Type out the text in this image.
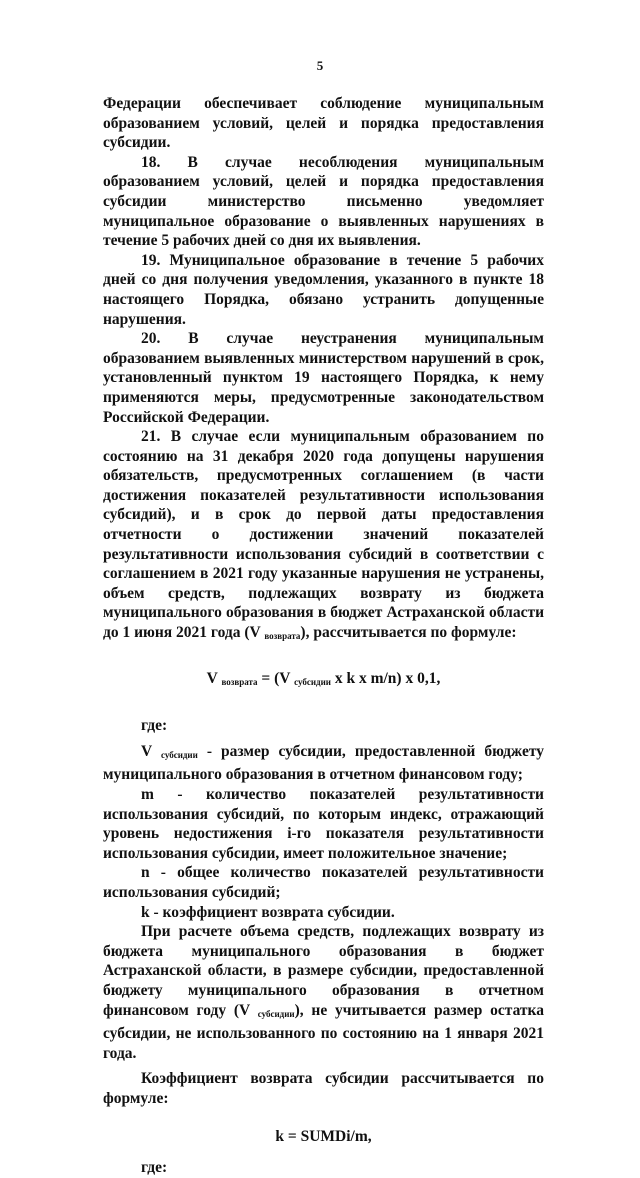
5

Федерации обеспечивает соблюдение муниципальным образованием условий, целей и порядка предоставления субсидии.

18. В случае несоблюдения муниципальным образованием условий, целей и порядка предоставления субсидии министерство письменно уведомляет муниципальное образование о выявленных нарушениях в течение 5 рабочих дней со дня их выявления.

19. Муниципальное образование в течение 5 рабочих дней со дня получения уведомления, указанного в пункте 18 настоящего Порядка, обязано устранить допущенные нарушения.

20. В случае неустранения муниципальным образованием выявленных министерством нарушений в срок, установленный пунктом 19 настоящего Порядка, к нему применяются меры, предусмотренные законодательством Российской Федерации.

21. В случае если муниципальным образованием по состоянию на 31 декабря 2020 года допущены нарушения обязательств, предусмотренных соглашением (в части достижения показателей результативности использования субсидий), и в срок до первой даты предоставления отчетности о достижении значений показателей результативности использования субсидий в соответствии с соглашением в 2021 году указанные нарушения не устранены, объем средств, подлежащих возврату из бюджета муниципального образования в бюджет Астраханской области до 1 июня 2021 года (V $_{возврата}$), рассчитывается по формуле:

V $_{возврата}$ = (V $_{субсидии}$ x k x m/n) x 0,1,

где:

V $_{субсидии}$ - размер субсидии, предоставленной бюджету муниципального образования в отчетном финансовом году;

m - количество показателей результативности использования субсидий, по которым индекс, отражающий уровень недостижения i-го показателя результативности использования субсидии, имеет положительное значение;

n - общее количество показателей результативности использования субсидий;

k - коэффициент возврата субсидии.

При расчете объема средств, подлежащих возврату из бюджета муниципального образования в бюджет Астраханской области, в размере субсидии, предоставленной бюджету муниципального образования в отчетном финансовом году (V $_{субсидии}$), не учитывается размер остатка субсидии, не использованного по состоянию на 1 января 2021 года.

Коэффициент возврата субсидии рассчитывается по формуле:

k = SUMDi/m,

где:
